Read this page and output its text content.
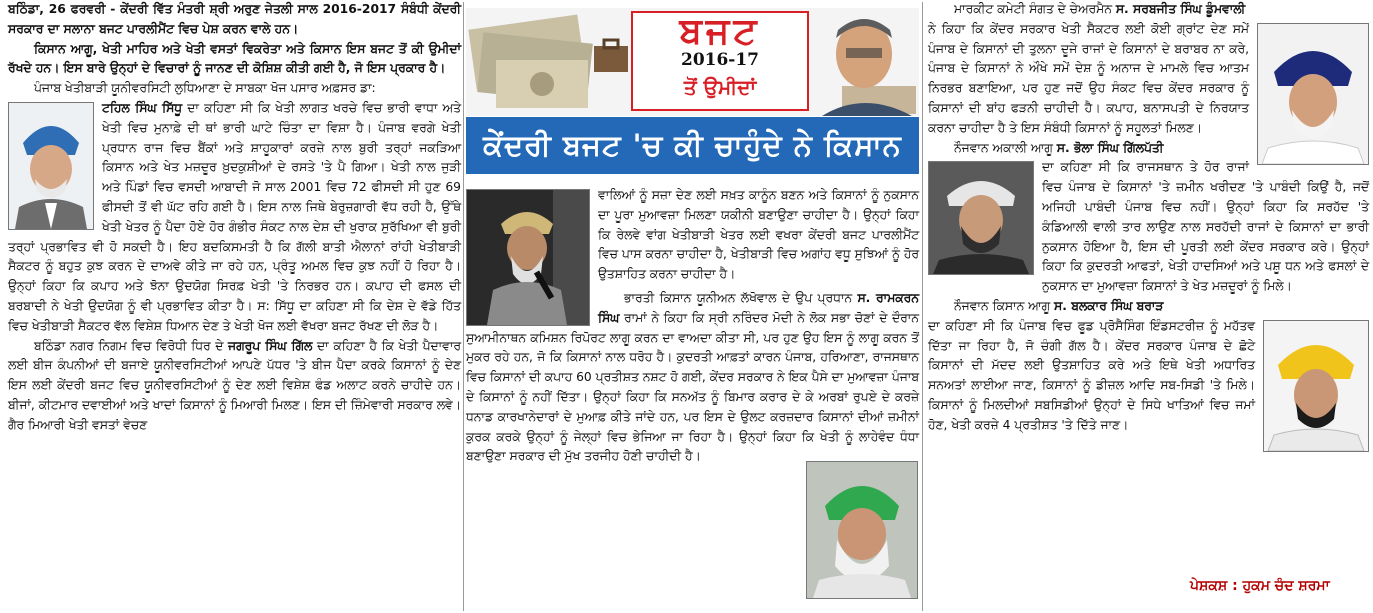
ਬਠਿੰਡਾ, 26 ਫਰਵਰੀ - ਕੇਂਦਰੀ ਵਿੱਤ ਮੰਤਰੀ ਸ਼੍ਰੀ ਅਰੁਣ ਜੇਤਲੀ ਸਾਲ 2016-2017 ਸੰਬੰਧੀ ਕੇਂਦਰੀ ਸਰਕਾਰ ਦਾ ਸਲਾਨਾ ਬਜਟ ਪਾਰਲੀਮੈਂਟ ਵਿਚ ਪੇਸ਼ ਕਰਨ ਵਾਲੇ ਹਨ।

ਕਿਸਾਨ ਆਗੂ, ਖੇਤੀ ਮਾਹਿਰ ਅਤੇ ਖੇਤੀ ਵਸਤਾਂ ਵਿਕਰੇਤਾ ਅਤੇ ਕਿਸਾਨ ਇਸ ਬਜਟ ਤੋਂ ਕੀ ਉਮੀਦਾਂ ਰੱਖਦੇ ਹਨ। ਇਸ ਬਾਰੇ ਉਨ੍ਹਾਂ ਦੇ ਵਿਚਾਰਾਂ ਨੂੰ ਜਾਨਣ ਦੀ ਕੋਸ਼ਿਸ਼ ਕੀਤੀ ਗਈ ਹੈ, ਜੋ ਇਸ ਪ੍ਰਕਾਰ ਹੈ।

ਪੰਜਾਬ ਖੇਤੀਬਾੜੀ ਯੂਨੀਵਰਸਿਟੀ ਲੁਧਿਆਣਾ ਦੇ ਸਾਬਕਾ ਖੋਜ ਪਸਾਰ ਅਫ਼ਸਰ ਡਾ:

ਟਹਿਲ ਸਿੰਘ ਸਿੱਧੂ ਦਾ ਕਹਿਣਾ ਸੀ ਕਿ ਖੇਤੀ ਲਾਗਤ ਖਰਚੇ ਵਿਚ ਭਾਰੀ ਵਾਧਾ ਅਤੇ ਖੇਤੀ ਵਿਚ ਮੁਨਾਫ਼ੇ ਦੀ ਥਾਂ ਭਾਰੀ ਘਾਟੇ ਚਿੰਤਾ ਦਾ ਵਿਸ਼ਾ ਹੈ। ਪੰਜਾਬ ਵਰਗੇ ਖੇਤੀ ਪ੍ਰਧਾਨ ਰਾਜ ਵਿਚ ਬੈਂਕਾਂ ਅਤੇ ਸ਼ਾਹੂਕਾਰਾਂ ਕਰਜ਼ੇ ਨਾਲ ਬੁਰੀ ਤਰ੍ਹਾਂ ਜਕੜਿਆ ਕਿਸਾਨ ਅਤੇ ਖੇਤ ਮਜ਼ਦੂਰ ਖ਼ੁਦਕੁਸ਼ੀਆਂ ਦੇ ਰਸਤੇ 'ਤੇ ਪੈ ਗਿਆ। ਖੇਤੀ ਨਾਲ ਜੁੜੀ ਅਤੇ ਪਿੰਡਾਂ ਵਿਚ ਵਸਦੀ ਆਬਾਦੀ ਜੋ ਸਾਲ 2001 ਵਿਚ 72 ਫੀਸਦੀ ਸੀ ਹੁਣ 69 ਫੀਸਦੀ ਤੋਂ ਵੀ ਘੱਟ ਰਹਿ ਗਈ ਹੈ। ਇਸ ਨਾਲ ਜਿਥੇ ਬੇਰੁਜ਼ਗਾਰੀ ਵੱਧ ਰਹੀ ਹੈ, ਉੱਥੇ ਖੇਤੀ ਖੇਤਰ ਨੂੰ ਪੈਦਾ ਹੋਏ ਹੋਰ ਗੰਭੀਰ ਸੰਕਟ ਨਾਲ ਦੇਸ਼ ਦੀ ਖੁਰਾਕ ਸੁਰੱਖਿਆ ਵੀ ਬੁਰੀ ਤਰ੍ਹਾਂ ਪ੍ਰਭਾਵਿਤ ਵੀ ਹੋ ਸਕਦੀ ਹੈ। ਇਹ ਬਦਕਿਸਮਤੀ ਹੈ ਕਿ ਗੱਲੀ ਬਾਤੀ ਐਲਾਨਾਂ ਰਾਂਹੀ ਖੇਤੀਬਾੜੀ ਸੈਕਟਰ ਨੂੰ ਬਹੁਤ ਕੁਝ ਕਰਨ ਦੇ ਦਾਅਵੇ ਕੀਤੇ ਜਾ ਰਹੇ ਹਨ, ਪ੍ਰੰਤੂ ਅਮਲ ਵਿਚ ਕੁਝ ਨਹੀਂ ਹੋ ਰਿਹਾ ਹੈ। ਉਨ੍ਹਾਂ ਕਿਹਾ ਕਿ ਕਪਾਹ ਅਤੇ ਝੋਨਾ ਉਦਯੋਗ ਸਿਰਫ਼ ਖੇਤੀ 'ਤੇ ਨਿਰਭਰ ਹਨ। ਕਪਾਹ ਦੀ ਫਸਲ ਦੀ ਬਰਬਾਦੀ ਨੇ ਖੇਤੀ ਉਦਯੋਗ ਨੂੰ ਵੀ ਪ੍ਰਭਾਵਿਤ ਕੀਤਾ ਹੈ। ਸ: ਸਿੱਧੂ ਦਾ ਕਹਿਣਾ ਸੀ ਕਿ ਦੇਸ਼ ਦੇ ਵੱਡੇ ਹਿੱਤ ਵਿਚ ਖੇਤੀਬਾੜੀ ਸੈਕਟਰ ਵੱਲ ਵਿਸ਼ੇਸ਼ ਧਿਆਨ ਦੇਣ ਤੇ ਖੇਤੀ ਖੋਜ ਲਈ ਵੱਖਰਾ ਬਜਟ ਰੱਖਣ ਦੀ ਲੋੜ ਹੈ।

ਬਠਿੰਡਾ ਨਗਰ ਨਿਗਮ ਵਿਚ ਵਿਰੋਧੀ ਧਿਰ ਦੇ ਜਗਰੂਪ ਸਿੰਘ ਗਿੱਲ ਦਾ ਕਹਿਣਾ ਹੈ ਕਿ ਖੇਤੀ ਪੈਦਾਵਾਰ ਲਈ ਬੀਜ ਕੰਪਨੀਆਂ ਦੀ ਬਜਾਏ ਯੂਨੀਵਰਸਿਟੀਆਂ ਆਪਣੇ ਪੱਧਰ 'ਤੇ ਬੀਜ ਪੈਦਾ ਕਰਕੇ ਕਿਸਾਨਾਂ ਨੂੰ ਦੇਣ ਇਸ ਲਈ ਕੇਂਦਰੀ ਬਜਟ ਵਿਚ ਯੂਨੀਵਰਸਿਟੀਆਂ ਨੂੰ ਦੇਣ ਲਈ ਵਿਸ਼ੇਸ਼ ਫੰਡ ਅਲਾਟ ਕਰਨੇ ਚਾਹੀਦੇ ਹਨ। ਬੀਜਾਂ, ਕੀਟਮਾਰ ਦਵਾਈਆਂ ਅਤੇ ਖਾਦਾਂ ਕਿਸਾਨਾਂ ਨੂੰ ਮਿਆਰੀ ਮਿਲਣ। ਇਸ ਦੀ ਜ਼ਿੰਮੇਵਾਰੀ ਸਰਕਾਰ ਲਵੇ। ਗੈਰ ਮਿਆਰੀ ਖੇਤੀ ਵਸਤਾਂ ਵੇਚਣ

ਬਜਟ
2016-17
ਤੋਂ ਉਮੀਦਾਂ
ਕੇਂਦਰੀ ਬਜਟ 'ਚ ਕੀ ਚਾਹੁੰਦੇ ਨੇ ਕਿਸਾਨ

ਵਾਲਿਆਂ ਨੂੰ ਸਜ਼ਾ ਦੇਣ ਲਈ ਸਖ਼ਤ ਕਾਨੂੰਨ ਬਣਨ ਅਤੇ ਕਿਸਾਨਾਂ ਨੂੰ ਨੁਕਸਾਨ ਦਾ ਪੂਰਾ ਮੁਆਵਜ਼ਾ ਮਿਲਣਾ ਯਕੀਨੀ ਬਣਾਉਣਾ ਚਾਹੀਦਾ ਹੈ। ਉਨ੍ਹਾਂ ਕਿਹਾ ਕਿ ਰੇਲਵੇ ਵਾਂਗ ਖੇਤੀਬਾੜੀ ਖੇਤਰ ਲਈ ਵਖਰਾ ਕੇਂਦਰੀ ਬਜਟ ਪਾਰਲੀਮੈਂਟ ਵਿਚ ਪਾਸ ਕਰਨਾ ਚਾਹੀਦਾ ਹੈ, ਖੇਤੀਬਾੜੀ ਵਿਚ ਅਗਾਂਹ ਵਧੂ ਸੁਝਿਆਂ ਨੂੰ ਹੋਰ ਉਤਸ਼ਾਹਿਤ ਕਰਨਾ ਚਾਹੀਦਾ ਹੈ।

ਭਾਰਤੀ ਕਿਸਾਨ ਯੂਨੀਅਨ ਲੱਖੋਵਾਲ ਦੇ ਉਪ ਪ੍ਰਧਾਨ ਸ. ਰਾਮਕਰਨ ਸਿੰਘ ਰਾਮਾਂ ਨੇ ਕਿਹਾ ਕਿ ਸ੍ਰੀ ਨਰਿੰਦਰ ਮੋਦੀ ਨੇ ਲੋਕ ਸਭਾ ਚੋਣਾਂ ਦੇ ਦੌਰਾਨ ਸੁਆਮੀਨਾਥਨ ਕਮਿਸ਼ਨ ਰਿਪੋਰਟ ਲਾਗੂ ਕਰਨ ਦਾ ਵਾਅਦਾ ਕੀਤਾ ਸੀ, ਪਰ ਹੁਣ ਉਹ ਇਸ ਨੂੰ ਲਾਗੂ ਕਰਨ ਤੋਂ ਮੁਕਰ ਰਹੇ ਹਨ, ਜੋ ਕਿ ਕਿਸਾਨਾਂ ਨਾਲ ਧਰੋਹ ਹੈ। ਕੁਦਰਤੀ ਆਫ਼ਤਾਂ ਕਾਰਨ ਪੰਜਾਬ, ਹਰਿਆਣਾ, ਰਾਜਸਥਾਨ ਵਿਚ ਕਿਸਾਨਾਂ ਦੀ ਕਪਾਹ 60 ਪ੍ਰਤੀਸ਼ਤ ਨਸ਼ਟ ਹੋ ਗਈ, ਕੇਂਦਰ ਸਰਕਾਰ ਨੇ ਇਕ ਪੈਸੇ ਦਾ ਮੁਆਵਜ਼ਾ ਪੰਜਾਬ ਦੇ ਕਿਸਾਨਾਂ ਨੂੰ ਨਹੀਂ ਦਿੱਤਾ। ਉਨ੍ਹਾਂ ਕਿਹਾ ਕਿ ਸਨਅੱਤ ਨੂੰ ਬਿਮਾਰ ਕਰਾਰ ਦੇ ਕੇ ਅਰਬਾਂ ਰੁਪਏ ਦੇ ਕਰਜ਼ੇ ਧਨਾਡ ਕਾਰਖਾਨੇਦਾਰਾਂ ਦੇ ਮੁਆਫ਼ ਕੀਤੇ ਜਾਂਦੇ ਹਨ, ਪਰ ਇਸ ਦੇ ਉਲਟ ਕਰਜ਼ਦਾਰ ਕਿਸਾਨਾਂ ਦੀਆਂ ਜ਼ਮੀਨਾਂ ਕੁਰਕ ਕਰਕੇ ਉਨ੍ਹਾਂ ਨੂੰ ਜੇਲ੍ਹਾਂ ਵਿਚ ਭੇਜਿਆ ਜਾ ਰਿਹਾ ਹੈ। ਉਨ੍ਹਾਂ ਕਿਹਾ ਕਿ ਖੇਤੀ ਨੂੰ ਲਾਹੇਵੰਦ ਧੰਧਾ ਬਣਾਉਣਾ ਸਰਕਾਰ ਦੀ ਮੁੱਖ ਤਰਜੀਹ ਹੋਣੀ ਚਾਹੀਦੀ ਹੈ।

ਮਾਰਕੀਟ ਕਮੇਟੀ ਸੰਗਤ ਦੇ ਚੇਅਰਮੈਨ ਸ. ਸਰਬਜੀਤ ਸਿੰਘ ਡੂੰਮਵਾਲੀ

ਨੇ ਕਿਹਾ ਕਿ ਕੇਂਦਰ ਸਰਕਾਰ ਖੇਤੀ ਸੈਕਟਰ ਲਈ ਕੋਈ ਗ੍ਰਾਂਟ ਦੇਣ ਸਮੇਂ ਪੰਜਾਬ ਦੇ ਕਿਸਾਨਾਂ ਦੀ ਤੁਲਨਾ ਦੂਜੇ ਰਾਜਾਂ ਦੇ ਕਿਸਾਨਾਂ ਦੇ ਬਰਾਬਰ ਨਾ ਕਰੇ, ਪੰਜਾਬ ਦੇ ਕਿਸਾਨਾਂ ਨੇ ਔਖੇ ਸਮੇਂ ਦੇਸ਼ ਨੂੰ ਅਨਾਜ ਦੇ ਮਾਮਲੇ ਵਿਚ ਆਤਮ ਨਿਰਭਰ ਬਣਾਇਆ, ਪਰ ਹੁਣ ਜਦੋਂ ਉਹ ਸੰਕਟ ਵਿਚ ਕੇਂਦਰ ਸਰਕਾਰ ਨੂੰ ਕਿਸਾਨਾਂ ਦੀ ਬਾਂਹ ਫੜਨੀ ਚਾਹੀਦੀ ਹੈ। ਕਪਾਹ, ਬਨਾਸਪਤੀ ਦੇ ਨਿਰਯਾਤ ਕਰਨਾ ਚਾਹੀਦਾ ਹੈ ਤੇ ਇਸ ਸੰਬੰਧੀ ਕਿਸਾਨਾਂ ਨੂੰ ਸਹੂਲਤਾਂ ਮਿਲਣ।

ਨੌਜਵਾਨ ਅਕਾਲੀ ਆਗੂ ਸ. ਭੋਲਾ ਸਿੰਘ ਗਿੱਲਪੱਤੀ

ਦਾ ਕਹਿਣਾ ਸੀ ਕਿ ਰਾਜਸਥਾਨ ਤੇ ਹੋਰ ਰਾਜਾਂ ਵਿਚ ਪੰਜਾਬ ਦੇ ਕਿਸਾਨਾਂ 'ਤੇ ਜ਼ਮੀਨ ਖਰੀਦਣ 'ਤੇ ਪਾਬੰਦੀ ਕਿਉਂ ਹੈ, ਜਦੋਂ ਅਜਿਹੀ ਪਾਬੰਦੀ ਪੰਜਾਬ ਵਿਚ ਨਹੀਂ। ਉਨ੍ਹਾਂ ਕਿਹਾ ਕਿ ਸਰਹੱਦ 'ਤੇ ਕੰਡਿਆਲੀ ਵਾਲੀ ਤਾਰ ਲਾਉਣ ਨਾਲ ਸਰਹੱਦੀ ਰਾਜਾਂ ਦੇ ਕਿਸਾਨਾਂ ਦਾ ਭਾਰੀ ਨੁਕਸਾਨ ਹੋਇਆ ਹੈ, ਇਸ ਦੀ ਪੂਰਤੀ ਲਈ ਕੇਂਦਰ ਸਰਕਾਰ ਕਰੇ। ਉਨ੍ਹਾਂ ਕਿਹਾ ਕਿ ਕੁਦਰਤੀ ਆਫਤਾਂ, ਖੇਤੀ ਹਾਦਸਿਆਂ ਅਤੇ ਪਸ਼ੂ ਧਨ ਅਤੇ ਫਸਲਾਂ ਦੇ ਨੁਕਸਾਨ ਦਾ ਮੁਆਵਜ਼ਾ ਕਿਸਾਨਾਂ ਤੇ ਖੇਤ ਮਜ਼ਦੂਰਾਂ ਨੂੰ ਮਿਲੇ।

ਨੌਜਵਾਨ ਕਿਸਾਨ ਆਗੂ ਸ. ਬਲਕਾਰ ਸਿੰਘ ਬਰਾੜ

ਦਾ ਕਹਿਣਾ ਸੀ ਕਿ ਪੰਜਾਬ ਵਿਚ ਫੂਡ ਪ੍ਰੋਸੈਸਿੰਗ ਇੰਡਸਟਰੀਜ਼ ਨੂੰ ਮਹੱਤਵ ਦਿੱਤਾ ਜਾ ਰਿਹਾ ਹੈ, ਜੋ ਚੰਗੀ ਗੱਲ ਹੈ। ਕੇਂਦਰ ਸਰਕਾਰ ਪੰਜਾਬ ਦੇ ਛੋਟੇ ਕਿਸਾਨਾਂ ਦੀ ਮੱਦਦ ਲਈ ਉਤਸ਼ਾਹਿਤ ਕਰੇ ਅਤੇ ਇਥੇ ਖੇਤੀ ਅਧਾਰਿਤ ਸਨਅਤਾਂ ਲਾਈਆ ਜਾਣ, ਕਿਸਾਨਾਂ ਨੂੰ ਡੀਜ਼ਲ ਆਦਿ ਸਬ-ਸਿਡੀ 'ਤੇ ਮਿਲੇ। ਕਿਸਾਨਾਂ ਨੂੰ ਮਿਲਦੀਆਂ ਸਬਸਿਡੀਆਂ ਉਨ੍ਹਾਂ ਦੇ ਸਿਧੇ ਖਾਤਿਆਂ ਵਿਚ ਜਮਾਂ ਹੋਣ, ਖੇਤੀ ਕਰਜ਼ੇ 4 ਪ੍ਰਤੀਸ਼ਤ 'ਤੇ ਦਿੱਤੇ ਜਾਣ।

ਪੇਸ਼ਕਸ਼ : ਹੁਕਮ ਚੰਦ ਸ਼ਰਮਾ
